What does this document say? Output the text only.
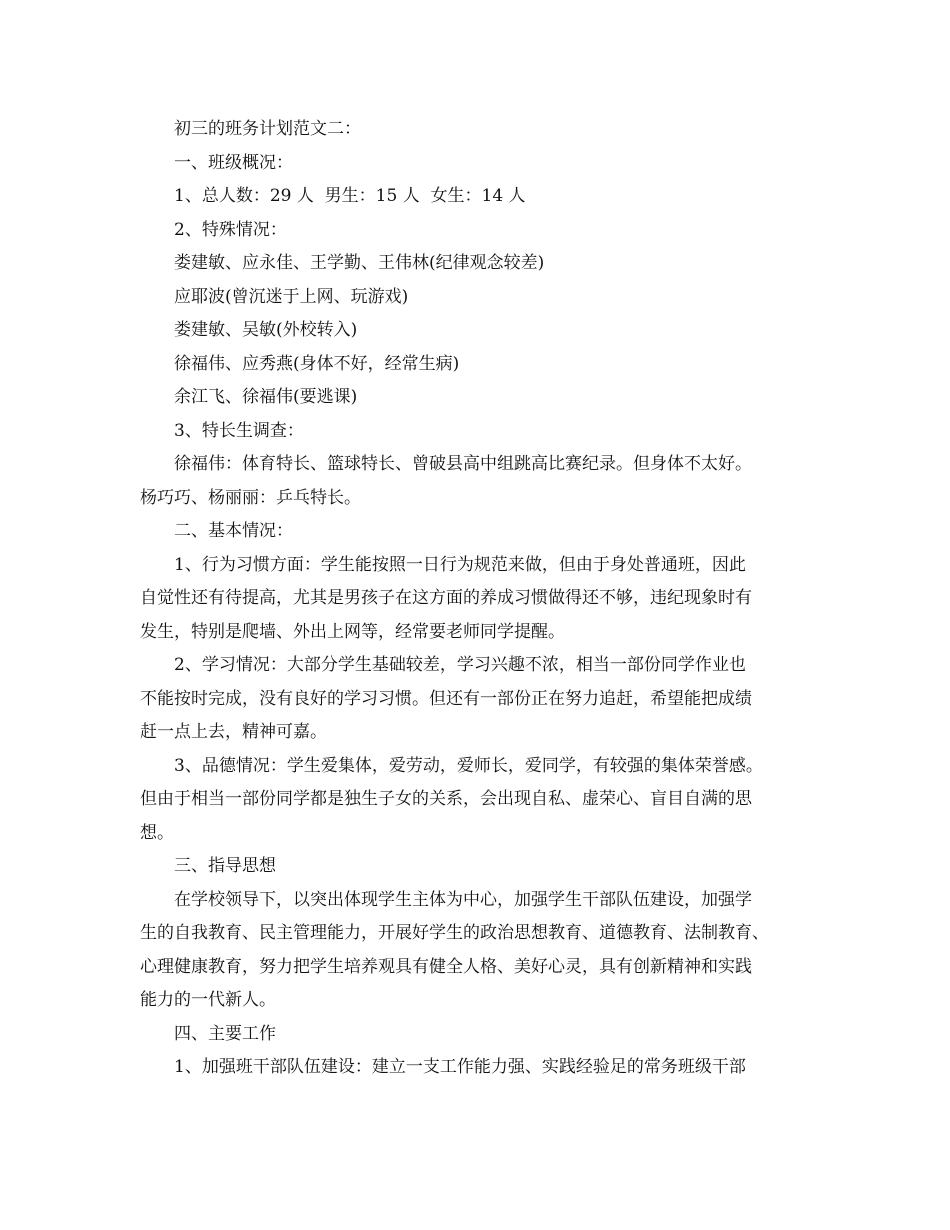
初三的班务计划范文二：
一、班级概况：
1、总人数：29 人  男生：15 人  女生：14 人
2、特殊情况：
娄建敏、应永佳、王学勤、王伟林(纪律观念较差)
应耶波(曾沉迷于上网、玩游戏)
娄建敏、吴敏(外校转入)
徐福伟、应秀燕(身体不好，经常生病)
余江飞、徐福伟(要逃课)
3、特长生调查：
徐福伟：体育特长、篮球特长、曾破县高中组跳高比赛纪录。但身体不太好。
杨巧巧、杨丽丽：乒乓特长。
二、基本情况：
1、行为习惯方面：学生能按照一日行为规范来做，但由于身处普通班，因此
自觉性还有待提高，尤其是男孩子在这方面的养成习惯做得还不够，违纪现象时有
发生，特别是爬墙、外出上网等，经常要老师同学提醒。
2、学习情况：大部分学生基础较差，学习兴趣不浓，相当一部份同学作业也
不能按时完成，没有良好的学习习惯。但还有一部份正在努力追赶，希望能把成绩
赶一点上去，精神可嘉。
3、品德情况：学生爱集体，爱劳动，爱师长，爱同学，有较强的集体荣誉感。
但由于相当一部份同学都是独生子女的关系，会出现自私、虚荣心、盲目自满的思
想。
三、指导思想
在学校领导下，以突出体现学生主体为中心，加强学生干部队伍建设，加强学
生的自我教育、民主管理能力，开展好学生的政治思想教育、道德教育、法制教育、
心理健康教育，努力把学生培养观具有健全人格、美好心灵，具有创新精神和实践
能力的一代新人。
四、主要工作
1、加强班干部队伍建设：建立一支工作能力强、实践经验足的常务班级干部
